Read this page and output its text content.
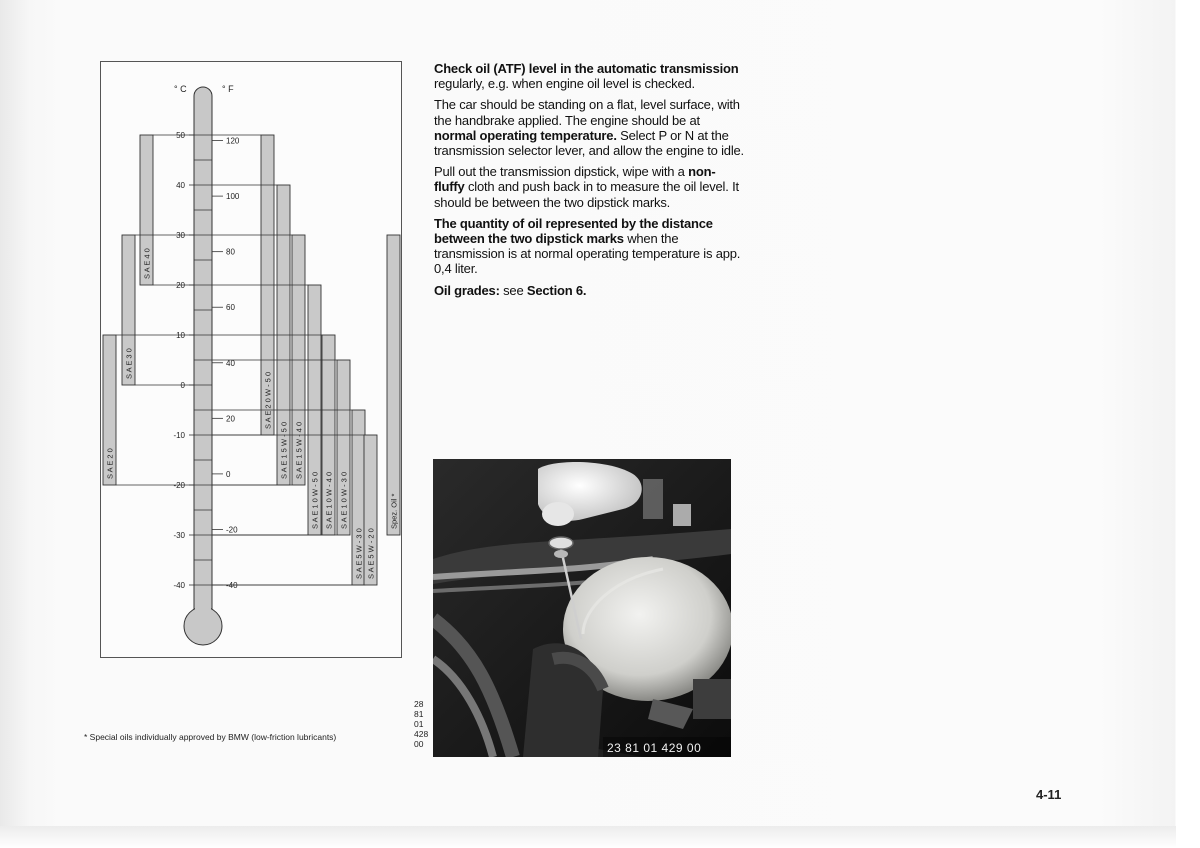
S A E 4 0
S A E 3 0
S A E 2 0
S A E 2 0 W - 5 0
S A E 1 5 W - 5 0 S A E 1 5 W - 4 0
S A E 1 0 W - 5 0 S A E 1 0 W - 4 0 S A E 1 0 W - 3 0
S A E 5 W - 3 0 S A E 5 W - 2 0
Spez. Oil *
° C	° F
50
40
30
20
10
0
-10
-20
-30
-40
120
100
80
60
40
20
0
-20
-40
28 81 01 428 00
* Special oils individually approved by BMW (low-friction lubricants)

Check oil (ATF) level in the automatic transmission regularly, e.g. when engine oil level is checked.

The car should be standing on a flat, level surface, with the handbrake applied. The engine should be at normal operating temperature. Select P or N at the transmission selector lever, and allow the engine to idle.

Pull out the transmission dipstick, wipe with a non-fluffy cloth and push back in to measure the oil level. It should be between the two dipstick marks.

The quantity of oil represented by the distance between the two dipstick marks when the transmission is at normal operating temperature is app. 0,4 liter.

Oil grades: see Section 6.

23 81 01 429 00
4-11
